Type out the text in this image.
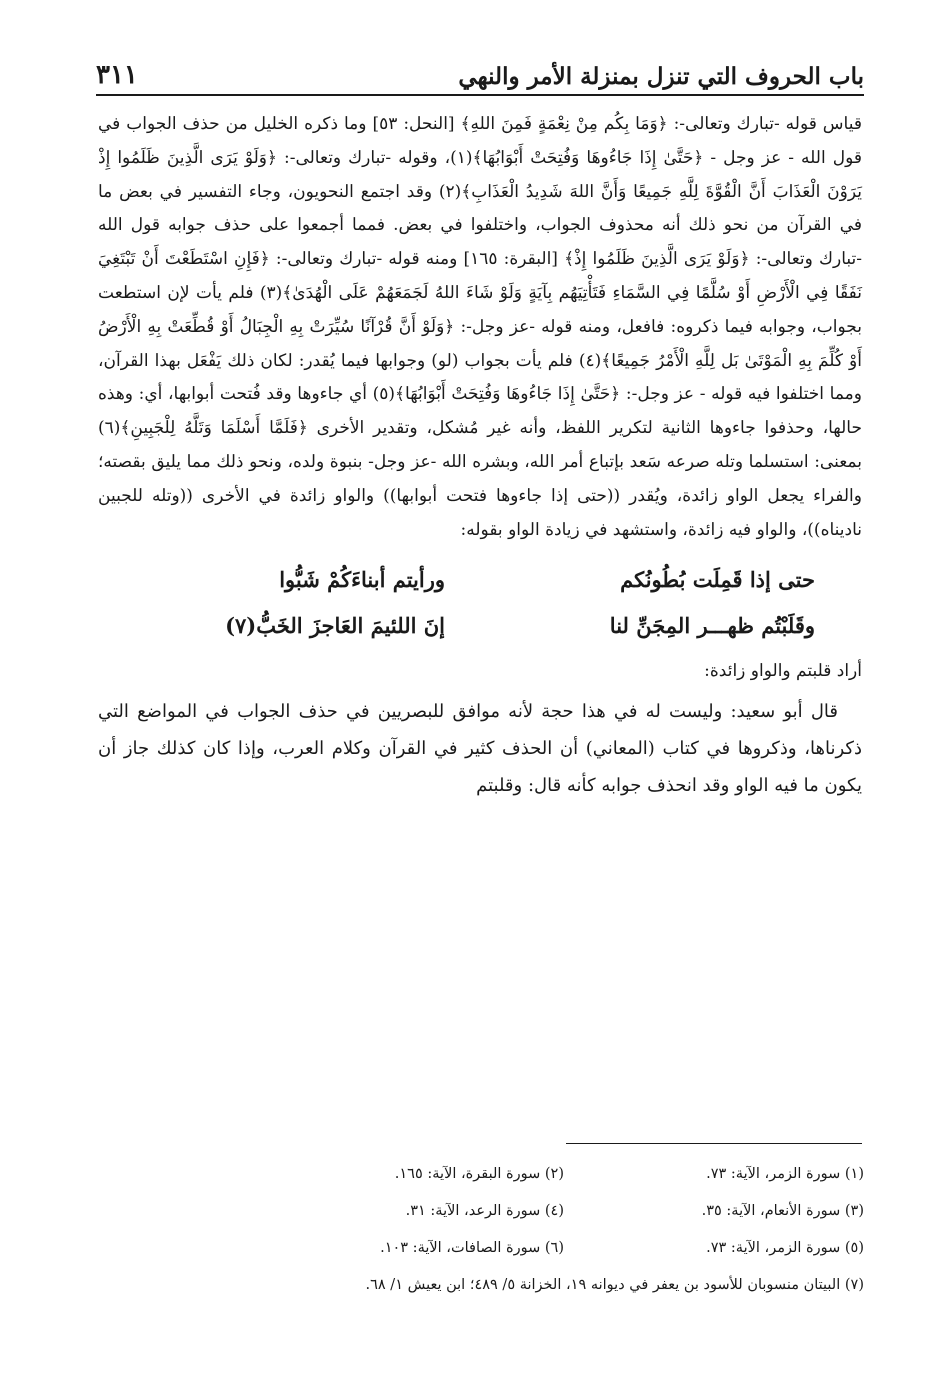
باب الحروف التي تنزل بمنزلة الأمر والنهي
٣١١

قياس قوله -تبارك وتعالى-: ﴿وَمَا بِكُم مِنْ نِعْمَةٍ فَمِنَ اللهِ﴾ [النحل: ٥٣] وما ذكره الخليل من حذف الجواب في قول الله - عز وجل - ﴿حَتَّىٰ إِذَا جَاءُوهَا وَفُتِحَتْ أَبْوَابُهَا﴾(١)، وقوله -تبارك وتعالى-: ﴿وَلَوْ يَرَى الَّذِينَ ظَلَمُوا إِذْ يَرَوْنَ الْعَذَابَ أَنَّ الْقُوَّةَ لِلَّهِ جَمِيعًا وَأَنَّ اللهَ شَدِيدُ الْعَذَابِ﴾(٢) وقد اجتمع النحويون، وجاء التفسير في بعض ما في القرآن من نحو ذلك أنه محذوف الجواب، واختلفوا في بعض. فمما أجمعوا على حذف جوابه قول الله -تبارك وتعالى-: ﴿وَلَوْ يَرَى الَّذِينَ ظَلَمُوا إِذْ﴾ [البقرة: ١٦٥] ومنه قوله -تبارك وتعالى-: ﴿فَإِنِ اسْتَطَعْتَ أَنْ تَبْتَغِيَ نَفَقًا فِي الْأَرْضِ أَوْ سُلَّمًا فِي السَّمَاءِ فَتَأْتِيَهُم بِآيَةٍ وَلَوْ شَاءَ اللهُ لَجَمَعَهُمْ عَلَى الْهُدَىٰ﴾(٣) فلم يأت لإن استطعت بجواب، وجوابه فيما ذكروه: فافعل، ومنه قوله -عز وجل-: ﴿وَلَوْ أَنَّ قُرْآنًا سُيِّرَتْ بِهِ الْجِبَالُ أَوْ قُطِّعَتْ بِهِ الْأَرْضُ أَوْ كُلِّمَ بِهِ الْمَوْتَىٰ بَل لِلَّهِ الْأَمْرُ جَمِيعًا﴾(٤) فلم يأت بجواب (لو) وجوابها فيما يُقدر: لكان ذلك يَفْعَل بهذا القرآن، ومما اختلفوا فيه قوله - عز وجل-: ﴿حَتَّىٰ إِذَا جَاءُوهَا وَفُتِحَتْ أَبْوَابُهَا﴾(٥) أي جاءوها وقد فُتحت أبوابها، أي: وهذه حالها، وحذفوا جاءوها الثانية لتكرير اللفظ، وأنه غير مُشكل، وتقدير الأخرى ﴿فَلَمَّا أَسْلَمَا وَتَلَّهُ لِلْجَبِينِ﴾(٦) بمعنى: استسلما وتله صرعه سَعد بإتباع أمر الله، وبشره الله -عز وجل- بنبوة ولده، ونحو ذلك مما يليق بقصته؛ والفراء يجعل الواو زائدة، ويُقدر ((حتى إذا جاءوها فتحت أبوابها)) والواو زائدة في الأخرى ((وتله للجبين ناديناه))، والواو فيه زائدة، واستشهد في زيادة الواو بقوله:

حتى إذا قَمِلَت بُطُونُكم
ورأيتم أبناءَكُمْ شَبُّوا
وقَلَبْتُم ظهـــر المِجَنِّ لنا
إنَ اللئيمَ العَاجزَ الخَبُّ(٧)

أراد قلبتم والواو زائدة:

قال أبو سعيد: وليست له في هذا حجة لأنه موافق للبصريين في حذف الجواب في المواضع التي ذكرناها، وذكروها في كتاب (المعاني) أن الحذف كثير في القرآن وكلام العرب، وإذا كان كذلك جاز أن يكون ما فيه الواو وقد انحذف جوابه كأنه قال: وقلبتم

(١) سورة الزمر، الآية: ٧٣.
(٢) سورة البقرة، الآية: ١٦٥.
(٣) سورة الأنعام، الآية: ٣٥.
(٤) سورة الرعد، الآية: ٣١.
(٥) سورة الزمر، الآية: ٧٣.
(٦) سورة الصافات، الآية: ١٠٣.
(٧) البيتان منسوبان للأسود بن يعفر في ديوانه ١٩، الخزانة ٥/ ٤٨٩؛ ابن يعيش ١/ ٦٨.
